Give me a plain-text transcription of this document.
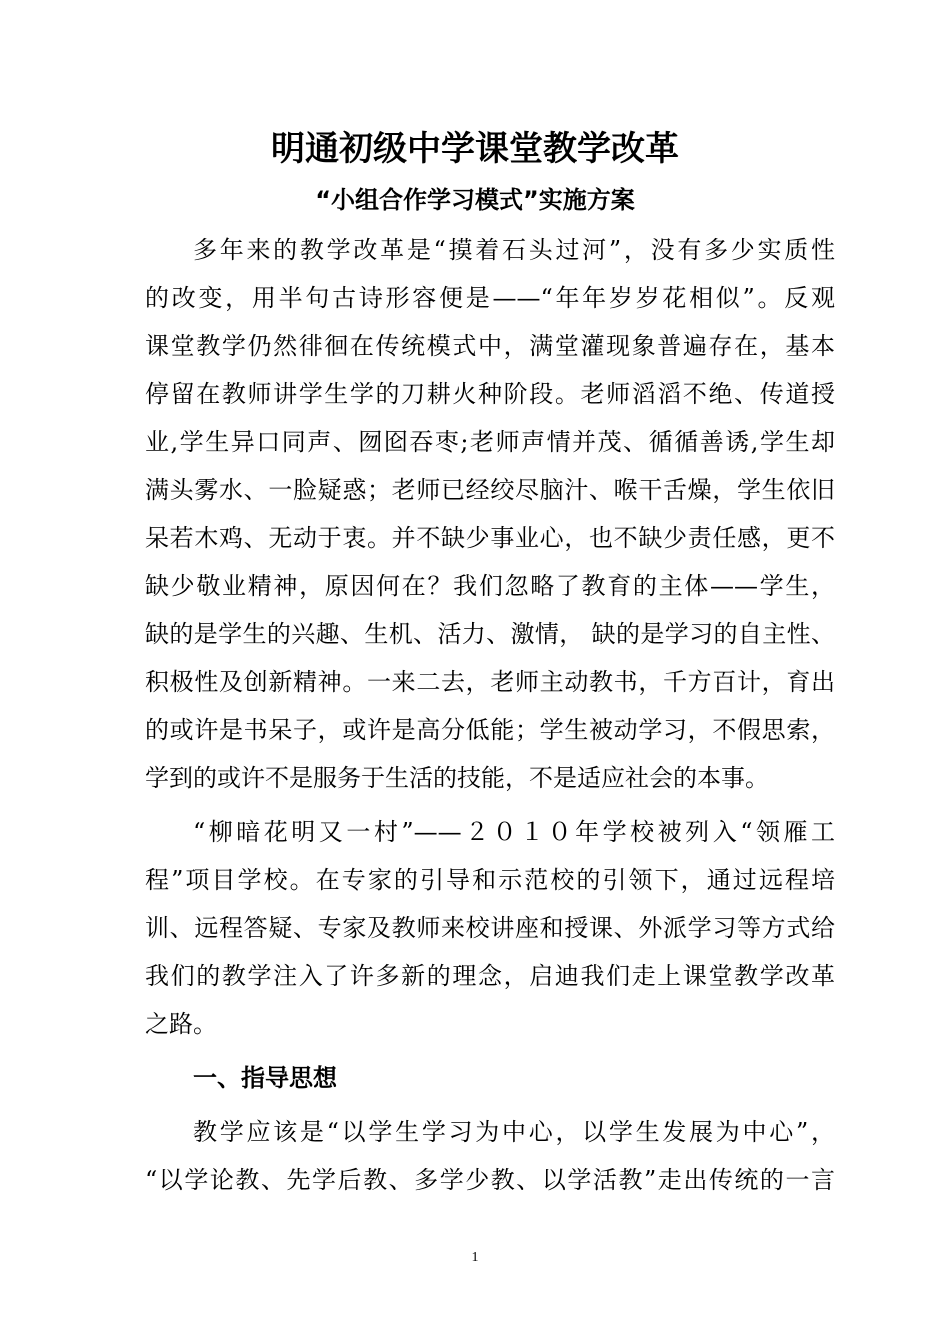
明通初级中学课堂教学改革
“小组合作学习模式”实施方案
多年来的教学改革是“摸着石头过河”，没有多少实质性
的改变，用半句古诗形容便是——“年年岁岁花相似”。反观
课堂教学仍然徘徊在传统模式中，满堂灌现象普遍存在，基本
停留在教师讲学生学的刀耕火种阶段。老师滔滔不绝、传道授
业,学生异口同声、囫囵吞枣;老师声情并茂、循循善诱,学生却
满头雾水、一脸疑惑；老师已经绞尽脑汁、喉干舌燥，学生依旧
呆若木鸡、无动于衷。并不缺少事业心，也不缺少责任感，更不
缺少敬业精神，原因何在？我们忽略了教育的主体——学生，
缺的是学生的兴趣、生机、活力、激情， 缺的是学习的自主性、
积极性及创新精神。一来二去，老师主动教书，千方百计，育出
的或许是书呆子，或许是高分低能；学生被动学习，不假思索，
学到的或许不是服务于生活的技能，不是适应社会的本事。
“柳暗花明又一村”——２０１０年学校被列入“领雁工
程”项目学校。在专家的引导和示范校的引领下，通过远程培
训、远程答疑、专家及教师来校讲座和授课、外派学习等方式给
我们的教学注入了许多新的理念，启迪我们走上课堂教学改革
之路。
一、指导思想
教学应该是“以学生学习为中心，以学生发展为中心”，
“以学论教、先学后教、多学少教、以学活教”走出传统的一言
1
